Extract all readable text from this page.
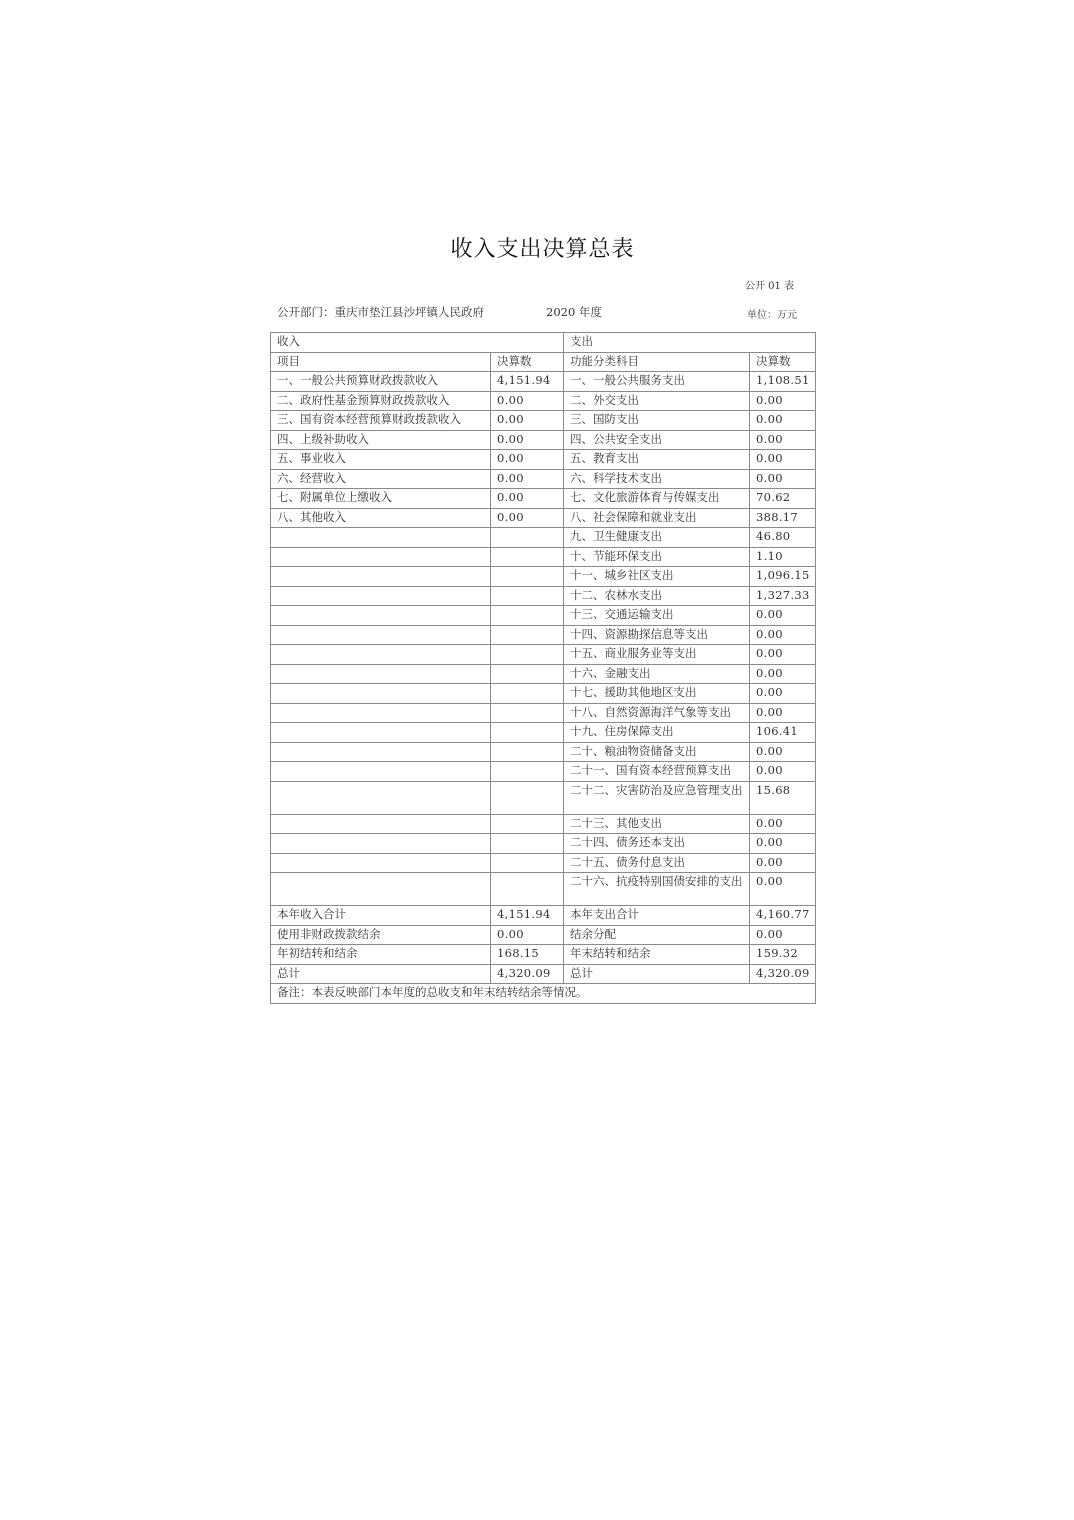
收入支出决算总表
公开 01 表
公开部门：重庆市垫江县沙坪镇人民政府	2020 年度	单位：万元
收入		支出	
项目	决算数	功能分类科目	决算数
一、一般公共预算财政拨款收入	4,151.94	一、一般公共服务支出	1,108.51
二、政府性基金预算财政拨款收入	0.00	二、外交支出	0.00
三、国有资本经营预算财政拨款收入	0.00	三、国防支出	0.00
四、上级补助收入	0.00	四、公共安全支出	0.00
五、事业收入	0.00	五、教育支出	0.00
六、经营收入	0.00	六、科学技术支出	0.00
七、附属单位上缴收入	0.00	七、文化旅游体育与传媒支出	70.62
八、其他收入	0.00	八、社会保障和就业支出	388.17
		九、卫生健康支出	46.80
		十、节能环保支出	1.10
		十一、城乡社区支出	1,096.15
		十二、农林水支出	1,327.33
		十三、交通运输支出	0.00
		十四、资源勘探信息等支出	0.00
		十五、商业服务业等支出	0.00
		十六、金融支出	0.00
		十七、援助其他地区支出	0.00
		十八、自然资源海洋气象等支出	0.00
		十九、住房保障支出	106.41
		二十、粮油物资储备支出	0.00
		二十一、国有资本经营预算支出	0.00
		二十二、灾害防治及应急管理支出	15.68
		二十三、其他支出	0.00
		二十四、债务还本支出	0.00
		二十五、债务付息支出	0.00
		二十六、抗疫特别国债安排的支出	0.00
本年收入合计	4,151.94	本年支出合计	4,160.77
使用非财政拨款结余	0.00	结余分配	0.00
年初结转和结余	168.15	年末结转和结余	159.32
总计	4,320.09	总计	4,320.09
备注：本表反映部门本年度的总收支和年末结转结余等情况。			
